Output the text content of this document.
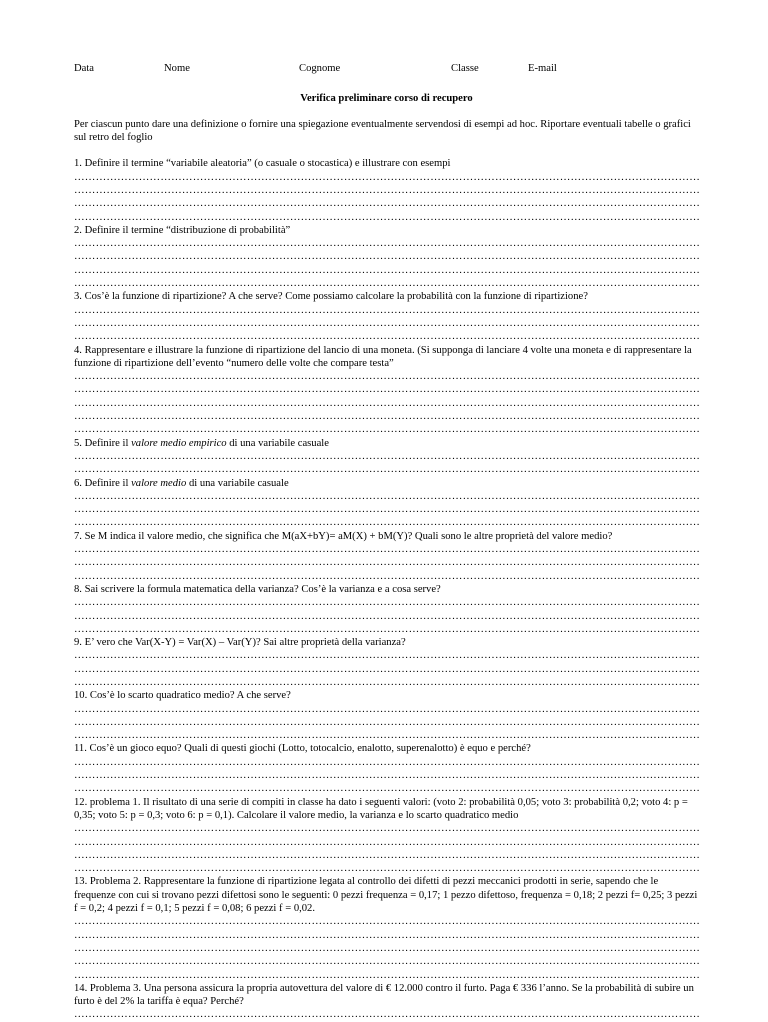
Data	Nome	Cognome	Classe	E-mail
Verifica preliminare corso di recupero
Per ciascun punto dare una definizione o fornire una spiegazione eventualmente servendosi di esempi ad hoc. Riportare eventuali tabelle o grafici sul retro del foglio
1. Definire il termine “variabile aleatoria” (o casuale o stocastica) e illustrare con esempi
……………………………………………………………………………………………………………………………………………………………………………………………………………………
……………………………………………………………………………………………………………………………………………………………………………………………………………………
……………………………………………………………………………………………………………………………………………………………………………………………………………………
……………………………………………………………………………………………………………………………………………………………………………………………………………………
2. Definire il termine “distribuzione di probabilità”
……………………………………………………………………………………………………………………………………………………………………………………………………………………
……………………………………………………………………………………………………………………………………………………………………………………………………………………
……………………………………………………………………………………………………………………………………………………………………………………………………………………
……………………………………………………………………………………………………………………………………………………………………………………………………………………
3. Cos’è la funzione di ripartizione? A che serve? Come possiamo calcolare la probabilità con la funzione di ripartizione?
……………………………………………………………………………………………………………………………………………………………………………………………………………………
……………………………………………………………………………………………………………………………………………………………………………………………………………………
……………………………………………………………………………………………………………………………………………………………………………………………………………………
4. Rappresentare e illustrare la funzione di ripartizione del lancio di una moneta. (Si supponga di lanciare 4 volte una moneta e di rappresentare la funzione di ripartizione dell’evento “numero delle volte che compare testa”
……………………………………………………………………………………………………………………………………………………………………………………………………………………
……………………………………………………………………………………………………………………………………………………………………………………………………………………
……………………………………………………………………………………………………………………………………………………………………………………………………………………
……………………………………………………………………………………………………………………………………………………………………………………………………………………
……………………………………………………………………………………………………………………………………………………………………………………………………………………
5. Definire il valore medio empirico di una variabile casuale
……………………………………………………………………………………………………………………………………………………………………………………………………………………
……………………………………………………………………………………………………………………………………………………………………………………………………………………
6. Definire il valore medio di una variabile casuale
……………………………………………………………………………………………………………………………………………………………………………………………………………………
……………………………………………………………………………………………………………………………………………………………………………………………………………………
……………………………………………………………………………………………………………………………………………………………………………………………………………………
7. Se M indica il valore medio, che significa che M(aX+bY)= aM(X) + bM(Y)? Quali sono le altre proprietà del valore medio?
……………………………………………………………………………………………………………………………………………………………………………………………………………………
……………………………………………………………………………………………………………………………………………………………………………………………………………………
……………………………………………………………………………………………………………………………………………………………………………………………………………………
8. Sai scrivere la formula matematica della varianza? Cos’è la varianza e a cosa serve?
……………………………………………………………………………………………………………………………………………………………………………………………………………………
……………………………………………………………………………………………………………………………………………………………………………………………………………………
……………………………………………………………………………………………………………………………………………………………………………………………………………………
9. E’ vero che Var(X-Y) = Var(X) – Var(Y)? Sai altre proprietà della varianza?
……………………………………………………………………………………………………………………………………………………………………………………………………………………
……………………………………………………………………………………………………………………………………………………………………………………………………………………
……………………………………………………………………………………………………………………………………………………………………………………………………………………
10. Cos’è lo scarto quadratico medio? A che serve?
……………………………………………………………………………………………………………………………………………………………………………………………………………………
……………………………………………………………………………………………………………………………………………………………………………………………………………………
……………………………………………………………………………………………………………………………………………………………………………………………………………………
11. Cos’è un gioco equo? Quali di questi giochi (Lotto, totocalcio, enalotto, superenalotto) è equo e perché?
……………………………………………………………………………………………………………………………………………………………………………………………………………………
……………………………………………………………………………………………………………………………………………………………………………………………………………………
……………………………………………………………………………………………………………………………………………………………………………………………………………………
12. problema 1. Il risultato di una serie di compiti in classe ha dato i seguenti valori: (voto 2: probabilità 0,05; voto 3: probabilità 0,2; voto 4: p = 0,35; voto 5: p = 0,3; voto 6: p = 0,1). Calcolare il valore medio, la varianza e lo scarto quadratico medio
……………………………………………………………………………………………………………………………………………………………………………………………………………………
……………………………………………………………………………………………………………………………………………………………………………………………………………………
……………………………………………………………………………………………………………………………………………………………………………………………………………………
……………………………………………………………………………………………………………………………………………………………………………………………………………………
13. Problema 2. Rappresentare la funzione di ripartizione legata al controllo dei difetti di pezzi meccanici prodotti in serie, sapendo che le frequenze con cui si trovano pezzi difettosi sono le seguenti: 0 pezzi frequenza = 0,17; 1 pezzo difettoso, frequenza = 0,18; 2 pezzi f= 0,25; 3 pezzi f = 0,2; 4 pezzi f = 0,1; 5 pezzi f = 0,08; 6 pezzi f = 0,02.
……………………………………………………………………………………………………………………………………………………………………………………………………………………
……………………………………………………………………………………………………………………………………………………………………………………………………………………
……………………………………………………………………………………………………………………………………………………………………………………………………………………
……………………………………………………………………………………………………………………………………………………………………………………………………………………
……………………………………………………………………………………………………………………………………………………………………………………………………………………
14. Problema 3. Una persona assicura la propria autovettura del valore di € 12.000 contro il furto. Paga € 336 l’anno. Se la probabilità di subire un furto è del 2% la tariffa è equa? Perché?
……………………………………………………………………………………………………………………………………………………………………………………………………………………
